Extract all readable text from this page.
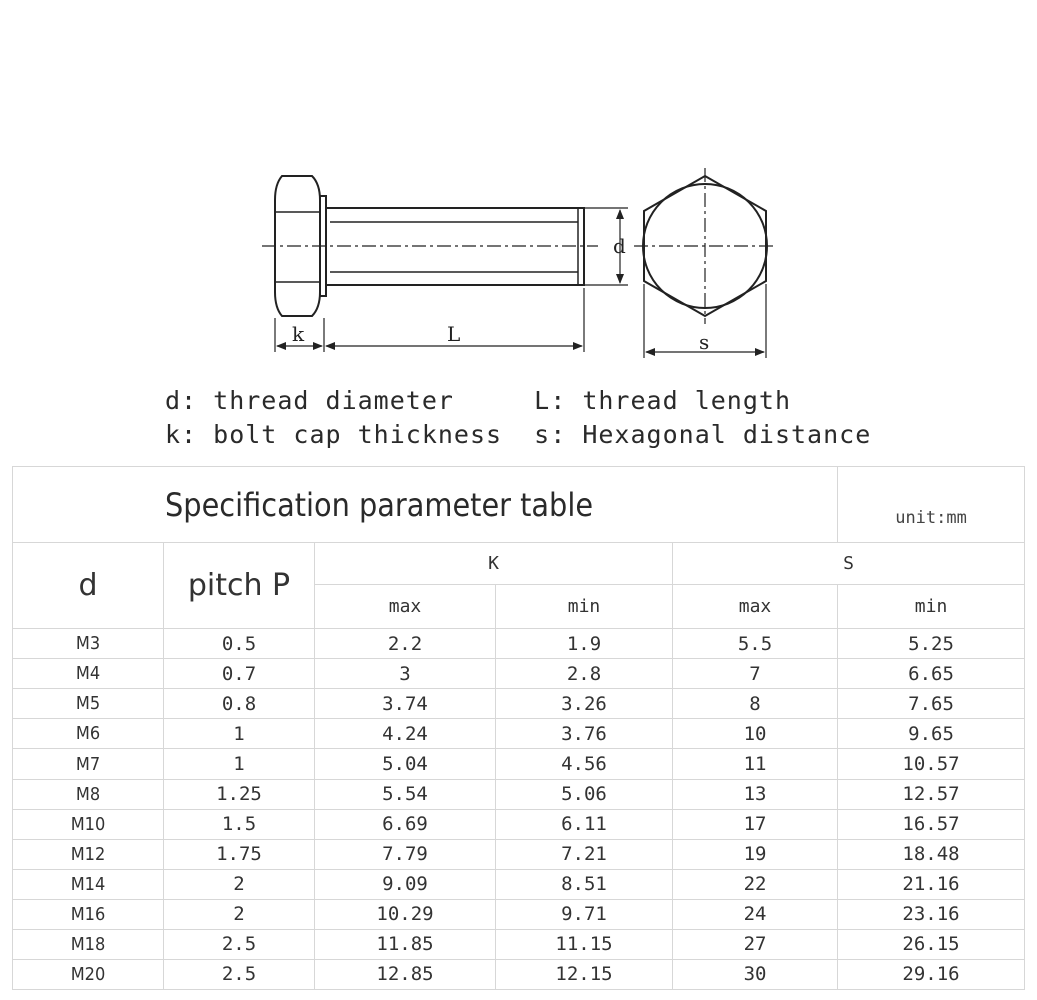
k	L
d
s
d: thread diameter     L: thread length
k: bolt cap thickness  s: Hexagonal distance
Specification parameter table					unit:mm
d	pitch P	K		S	
		max	min	max	min
M3	0.5	2.2	1.9	5.5	5.25
M4	0.7	3	2.8	7	6.65
M5	0.8	3.74	3.26	8	7.65
M6	1	4.24	3.76	10	9.65
M7	1	5.04	4.56	11	10.57
M8	1.25	5.54	5.06	13	12.57
M10	1.5	6.69	6.11	17	16.57
M12	1.75	7.79	7.21	19	18.48
M14	2	9.09	8.51	22	21.16
M16	2	10.29	9.71	24	23.16
M18	2.5	11.85	11.15	27	26.15
M20	2.5	12.85	12.15	30	29.16
